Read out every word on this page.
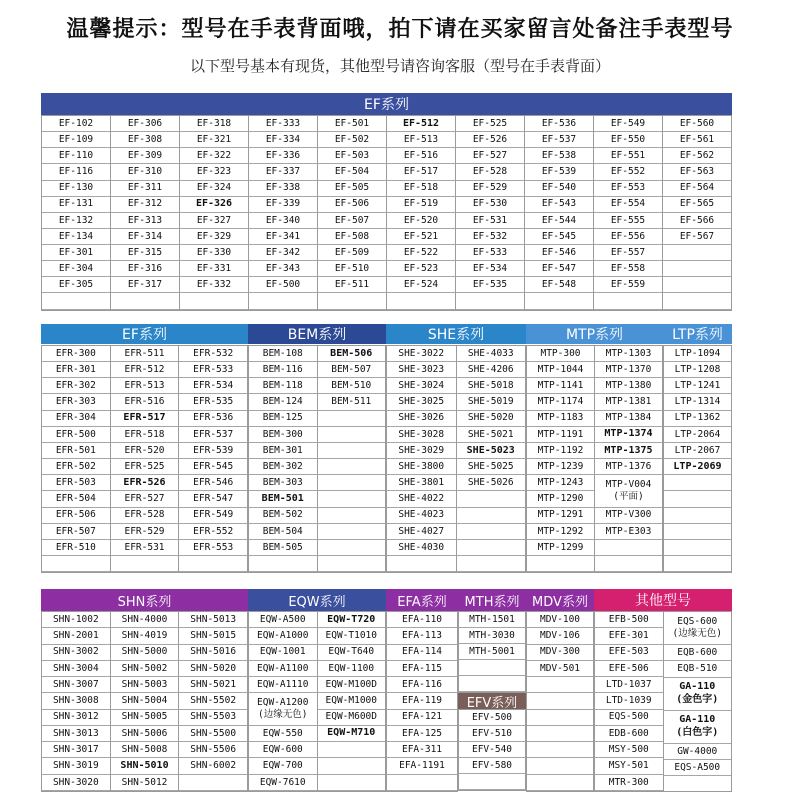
温馨提示：型号在手表背面哦，拍下请在买家留言处备注手表型号
以下型号基本有现货，其他型号请咨询客服（型号在手表背面）
EF系列
EF-102
EF-109
EF-110
EF-116
EF-130
EF-131
EF-132
EF-134
EF-301
EF-304
EF-305
EF-306
EF-308
EF-309
EF-310
EF-311
EF-312
EF-313
EF-314
EF-315
EF-316
EF-317
EF-318
EF-321
EF-322
EF-323
EF-324
EF-326
EF-327
EF-329
EF-330
EF-331
EF-332
EF-333
EF-334
EF-336
EF-337
EF-338
EF-339
EF-340
EF-341
EF-342
EF-343
EF-500
EF-501
EF-502
EF-503
EF-504
EF-505
EF-506
EF-507
EF-508
EF-509
EF-510
EF-511
EF-512
EF-513
EF-516
EF-517
EF-518
EF-519
EF-520
EF-521
EF-522
EF-523
EF-524
EF-525
EF-526
EF-527
EF-528
EF-529
EF-530
EF-531
EF-532
EF-533
EF-534
EF-535
EF-536
EF-537
EF-538
EF-539
EF-540
EF-543
EF-544
EF-545
EF-546
EF-547
EF-548
EF-549
EF-550
EF-551
EF-552
EF-553
EF-554
EF-555
EF-556
EF-557
EF-558
EF-559
EF-560
EF-561
EF-562
EF-563
EF-564
EF-565
EF-566
EF-567
EF系列
EFR-300
EFR-301
EFR-302
EFR-303
EFR-304
EFR-500
EFR-501
EFR-502
EFR-503
EFR-504
EFR-506
EFR-507
EFR-510
EFR-511
EFR-512
EFR-513
EFR-516
EFR-517
EFR-518
EFR-520
EFR-525
EFR-526
EFR-527
EFR-528
EFR-529
EFR-531
EFR-532
EFR-533
EFR-534
EFR-535
EFR-536
EFR-537
EFR-539
EFR-545
EFR-546
EFR-547
EFR-549
EFR-552
EFR-553
BEM系列
BEM-108
BEM-116
BEM-118
BEM-124
BEM-125
BEM-300
BEM-301
BEM-302
BEM-303
BEM-501
BEM-502
BEM-504
BEM-505
BEM-506
BEM-507
BEM-510
BEM-511
SHE系列
SHE-3022
SHE-3023
SHE-3024
SHE-3025
SHE-3026
SHE-3028
SHE-3029
SHE-3800
SHE-3801
SHE-4022
SHE-4023
SHE-4027
SHE-4030
SHE-4033
SHE-4206
SHE-5018
SHE-5019
SHE-5020
SHE-5021
SHE-5023
SHE-5025
SHE-5026
MTP系列
MTP-300
MTP-1044
MTP-1141
MTP-1174
MTP-1183
MTP-1191
MTP-1192
MTP-1239
MTP-1243
MTP-1290
MTP-1291
MTP-1292
MTP-1299
MTP-1303
MTP-1370
MTP-1380
MTP-1381
MTP-1384
MTP-1374
MTP-1375
MTP-1376
MTP-V004
(平面)
MTP-V300
MTP-E303
LTP系列
LTP-1094
LTP-1208
LTP-1241
LTP-1314
LTP-1362
LTP-2064
LTP-2067
LTP-2069
SHN系列
SHN-1002
SHN-2001
SHN-3002
SHN-3004
SHN-3007
SHN-3008
SHN-3012
SHN-3013
SHN-3017
SHN-3019
SHN-3020
SHN-4000
SHN-4019
SHN-5000
SHN-5002
SHN-5003
SHN-5004
SHN-5005
SHN-5006
SHN-5008
SHN-5010
SHN-5012
SHN-5013
SHN-5015
SHN-5016
SHN-5020
SHN-5021
SHN-5502
SHN-5503
SHN-5500
SHN-5506
SHN-6002
EQW系列
EQW-A500
EQW-A1000
EQW-1001
EQW-A1100
EQW-A1110
EQW-A1200
(边缘无色)
EQW-550
EQW-600
EQW-700
EQW-7610
EQW-T720
EQW-T1010
EQW-T640
EQW-1100
EQW-M100D
EQW-M1000
EQW-M600D
EQW-M710
EFA系列
EFA-110
EFA-113
EFA-114
EFA-115
EFA-116
EFA-119
EFA-121
EFA-125
EFA-311
EFA-1191
MTH系列
MTH-1501
MTH-3030
MTH-5001
EFV系列
EFV-500
EFV-510
EFV-540
EFV-580
MDV系列
MDV-100
MDV-106
MDV-300
MDV-501
其他型号
EFB-500
EFE-301
EFE-503
EFE-506
LTD-1037
LTD-1039
EQS-500
EDB-600
MSY-500
MSY-501
MTR-300
EQS-600
(边缘无色)
EQB-600
EQB-510
GA-110
(金色字)
GA-110
(白色字)
GW-4000
EQS-A500
